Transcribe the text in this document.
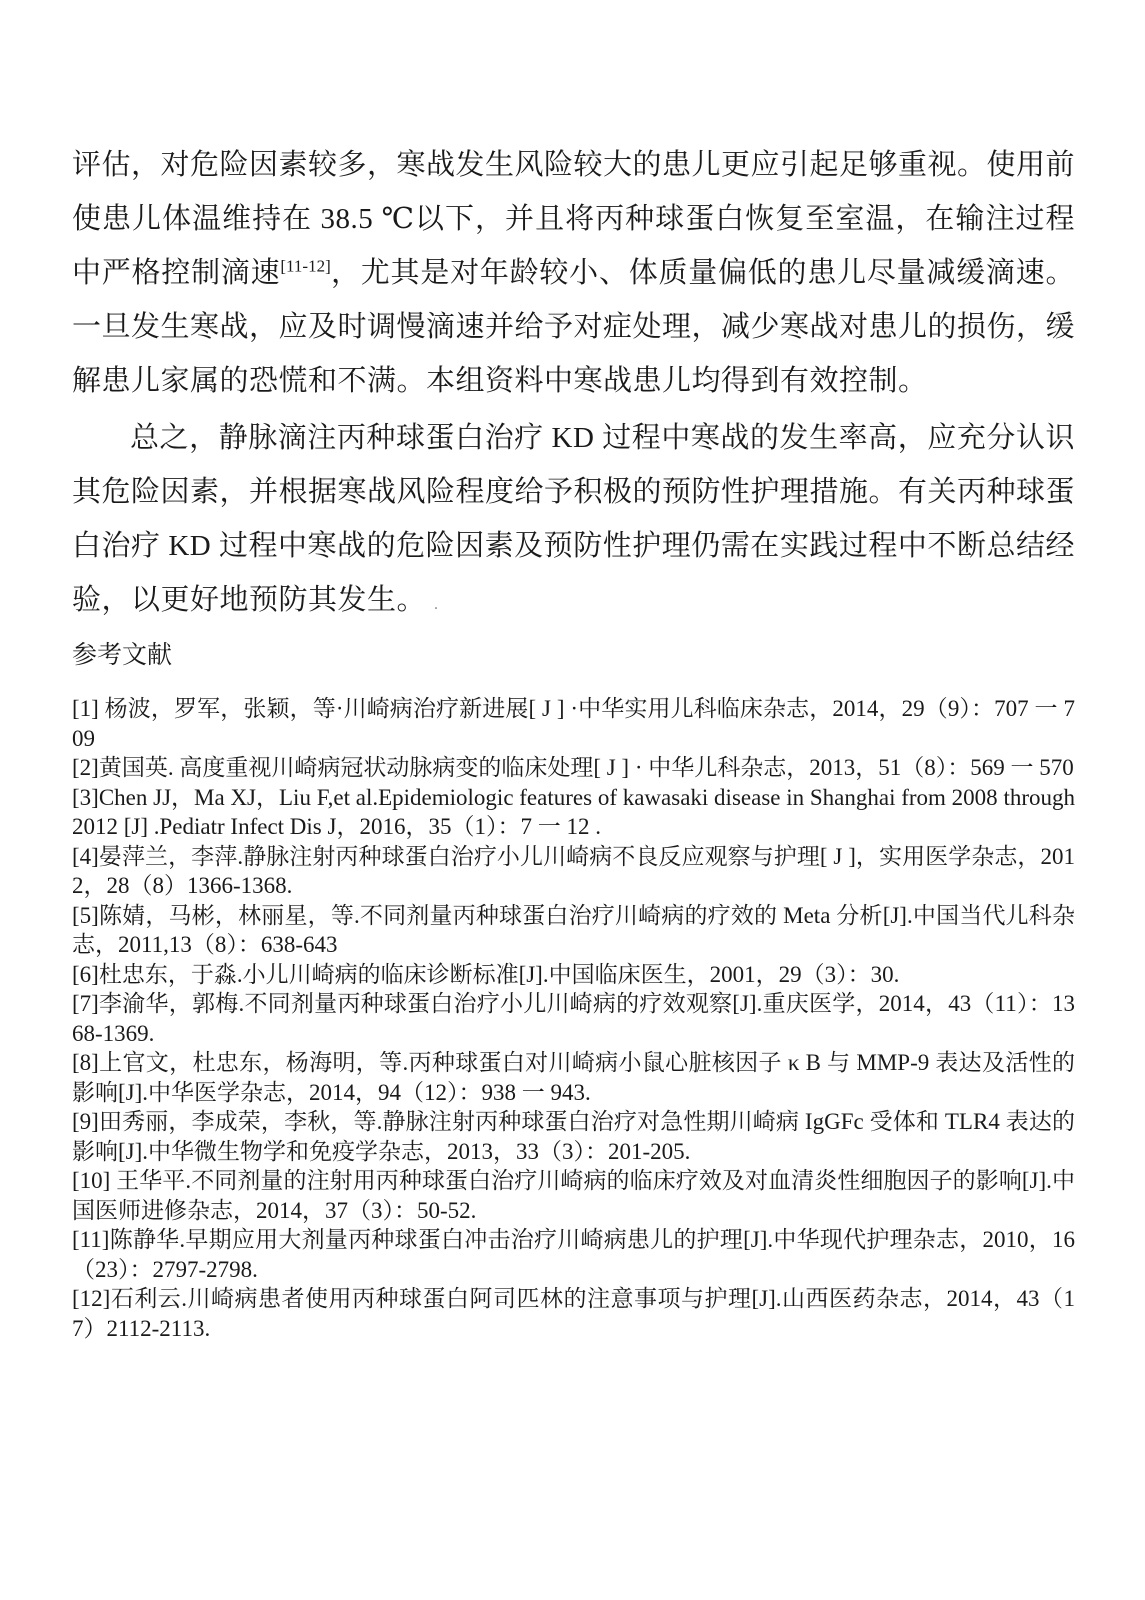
评估，对危险因素较多，寒战发生风险较大的患儿更应引起足够重视。使用前使患儿体温维持在 38.5 ℃以下，并且将丙种球蛋白恢复至室温，在输注过程中严格控制滴速[11-12]，尤其是对年龄较小、体质量偏低的患儿尽量减缓滴速。一旦发生寒战，应及时调慢滴速并给予对症处理，减少寒战对患儿的损伤，缓解患儿家属的恐慌和不满。本组资料中寒战患儿均得到有效控制。

总之，静脉滴注丙种球蛋白治疗 KD 过程中寒战的发生率高，应充分认识其危险因素，并根据寒战风险程度给予积极的预防性护理措施。有关丙种球蛋白治疗 KD 过程中寒战的危险因素及预防性护理仍需在实践过程中不断总结经验，以更好地预防其发生。 .

参考文献

[1] 杨波，罗军，张颖，等·川崎病治疗新进展[ J ] ·中华实用儿科临床杂志，2014，29（9）：707 一 709

[2]黄国英. 高度重视川崎病冠状动脉病变的临床处理[ J ] · 中华儿科杂志，2013，51（8）：569 一 570

[3]Chen JJ，Ma XJ，Liu F,et al.Epidemiologic features of kawasaki disease in Shanghai from 2008 through 2012 [J] .Pediatr Infect Dis J，2016，35（1）：7 一 12 .

[4]晏萍兰，李萍.静脉注射丙种球蛋白治疗小儿川崎病不良反应观察与护理[ J ]，实用医学杂志，2012，28（8）1366-1368.

[5]陈婧，马彬，林丽星，等.不同剂量丙种球蛋白治疗川崎病的疗效的 Meta 分析[J].中国当代儿科杂志，2011,13（8）：638-643

[6]杜忠东，于淼.小儿川崎病的临床诊断标准[J].中国临床医生，2001，29（3）：30.

[7]李渝华，郭梅.不同剂量丙种球蛋白治疗小儿川崎病的疗效观察[J].重庆医学，2014，43（11）：1368-1369.

[8]上官文，杜忠东，杨海明，等.丙种球蛋白对川崎病小鼠心脏核因子 κ B 与 MMP-9 表达及活性的影响[J].中华医学杂志，2014，94（12）：938 一 943.

[9]田秀丽，李成荣，李秋，等.静脉注射丙种球蛋白治疗对急性期川崎病 IgGFc 受体和 TLR4 表达的影响[J].中华微生物学和免疫学杂志，2013，33（3）：201-205.

[10] 王华平.不同剂量的注射用丙种球蛋白治疗川崎病的临床疗效及对血清炎性细胞因子的影响[J].中国医师进修杂志，2014，37（3）：50-52.

[11]陈静华.早期应用大剂量丙种球蛋白冲击治疗川崎病患儿的护理[J].中华现代护理杂志，2010，16（23）：2797-2798.

[12]石利云.川崎病患者使用丙种球蛋白阿司匹林的注意事项与护理[J].山西医药杂志，2014，43（17）2112-2113.
